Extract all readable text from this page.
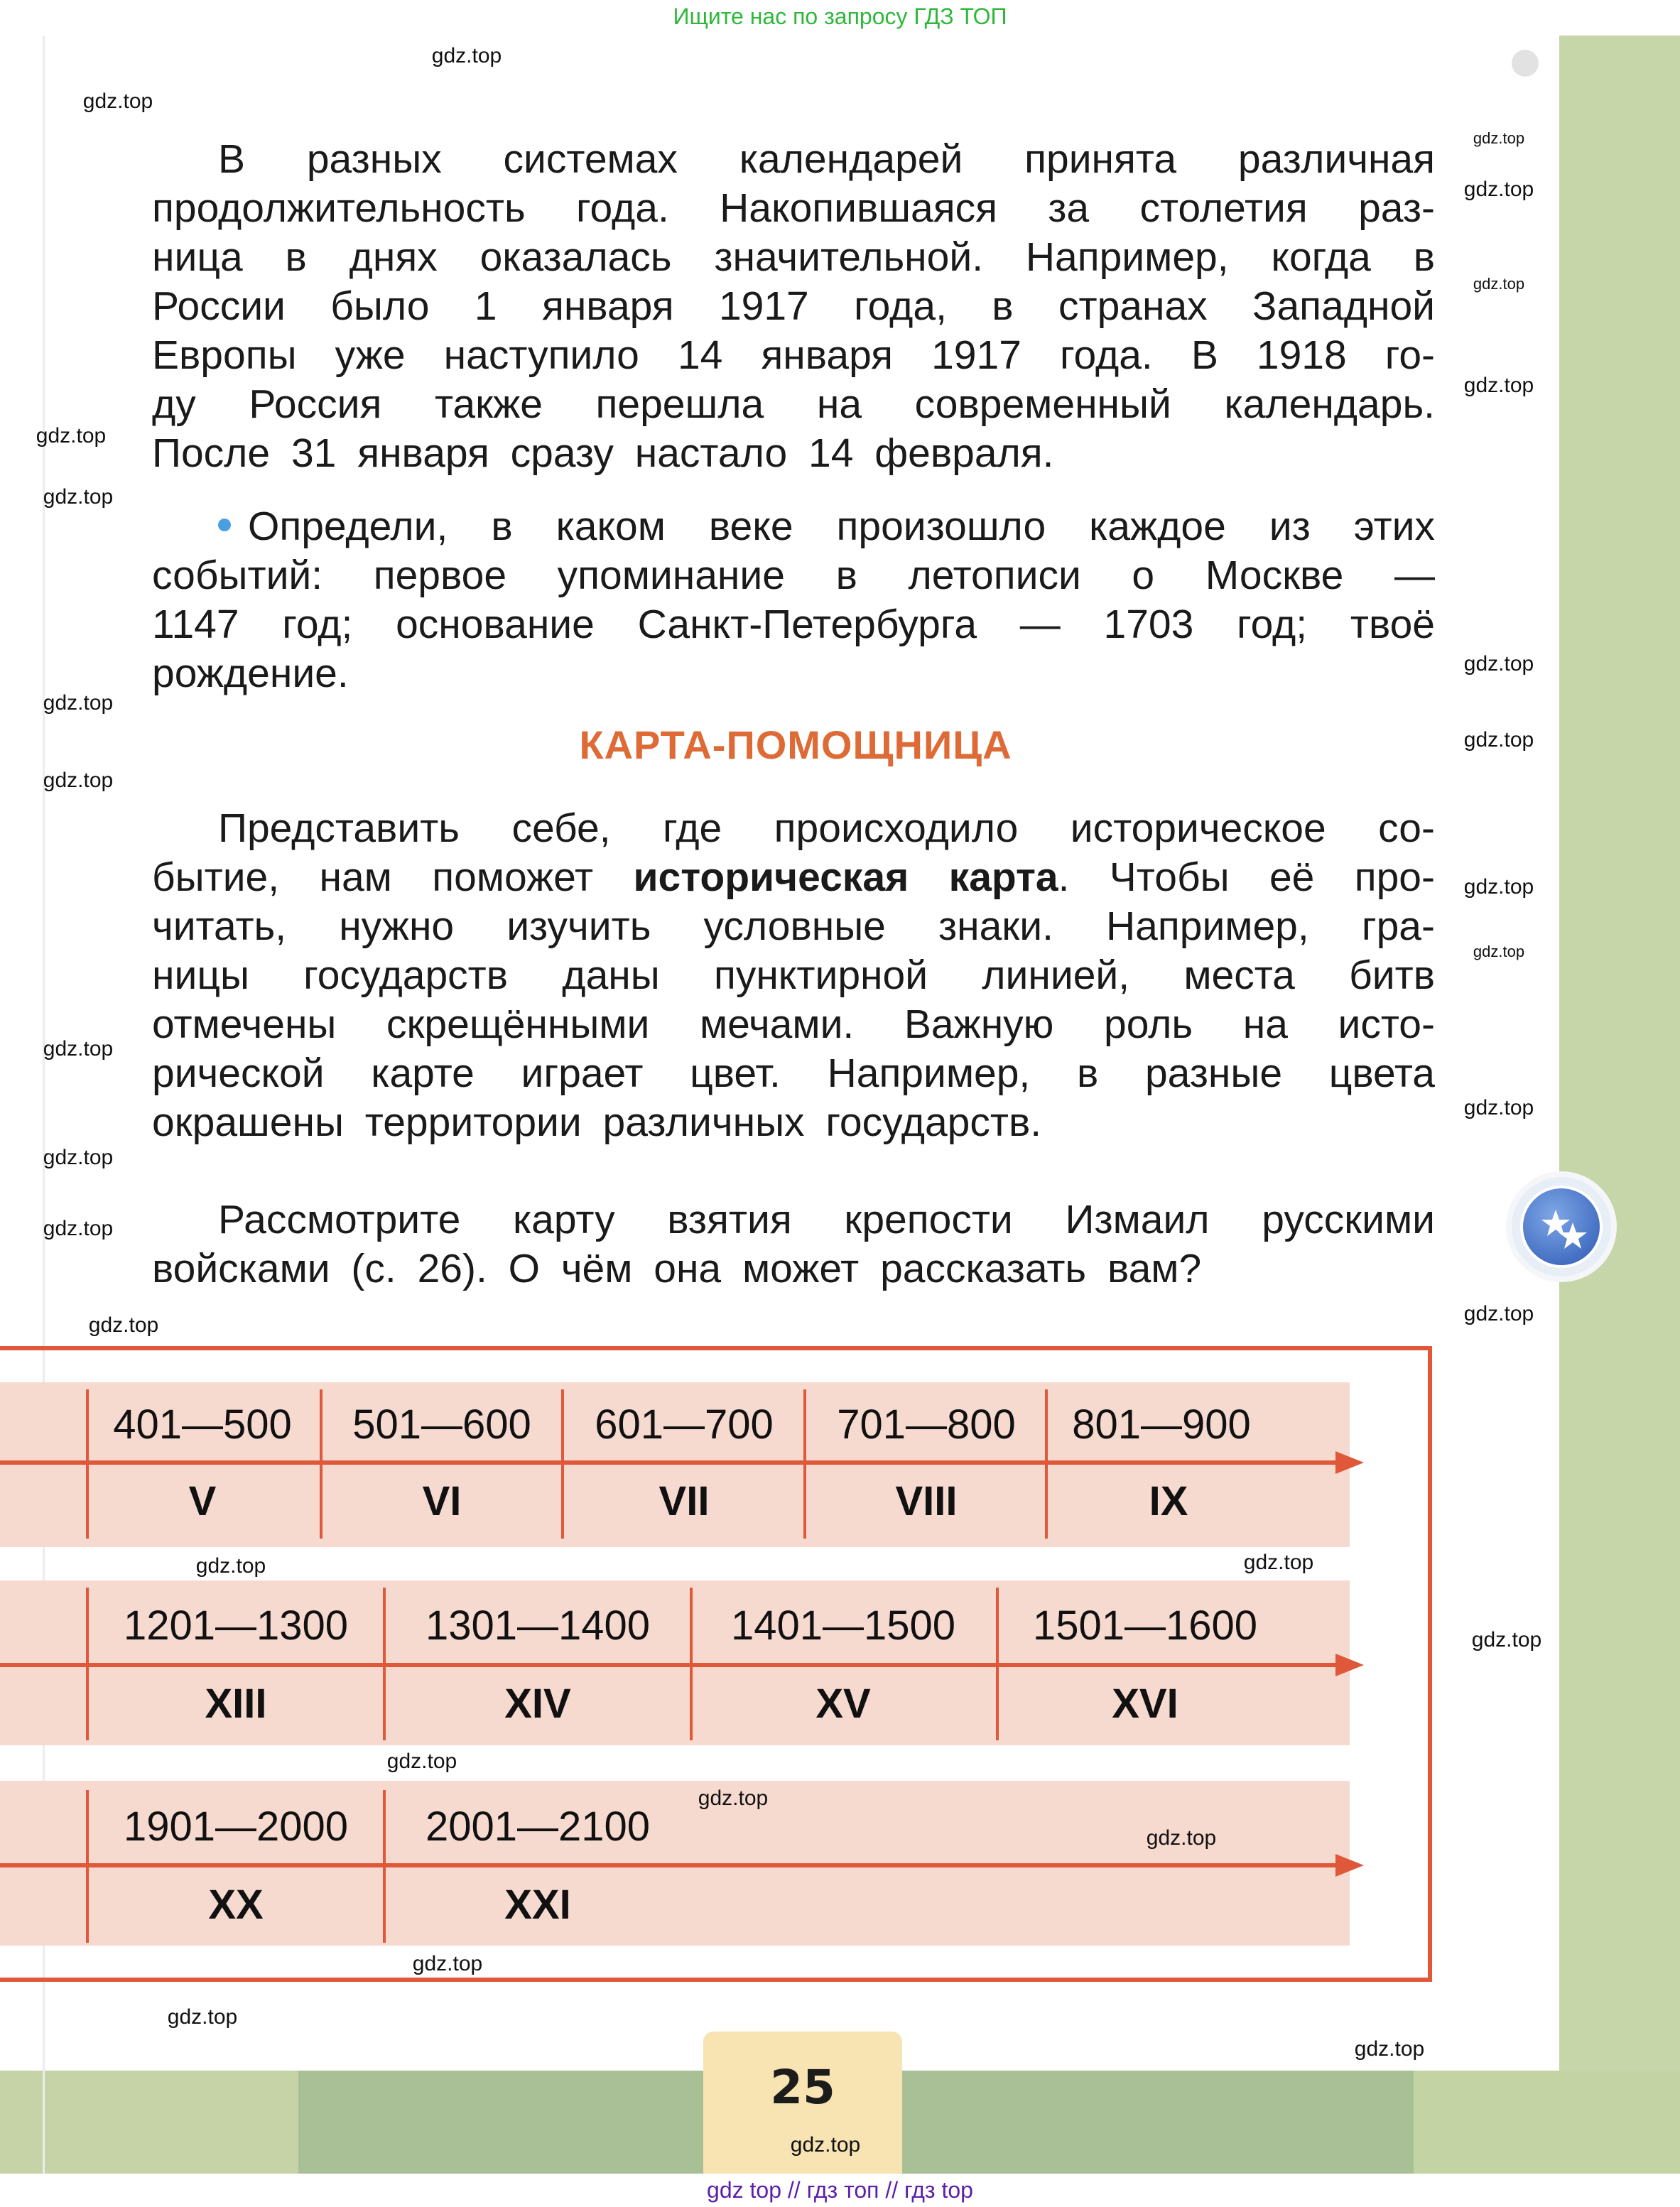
Ищите нас по запросу ГДЗ ТОП
В разных системах календарей принята различная
продолжительность года. Накопившаяся за столетия раз-
ница в днях оказалась значительной. Например, когда в
России было 1 января 1917 года, в странах Западной
Европы уже наступило 14 января 1917 года. В 1918 го-
ду Россия также перешла на современный календарь.
После 31 января сразу настало 14 февраля.
Определи, в каком веке произошло каждое из этих
событий: первое упоминание в летописи о Москве —
1147 год; основание Санкт-Петербурга — 1703 год; твоё
рождение.
КАРТА-ПОМОЩНИЦА
Представить себе, где происходило историческое со-
бытие, нам поможет историческая карта. Чтобы её про-
читать, нужно изучить условные знаки. Например, гра-
ницы государств даны пунктирной линией, места битв
отмечены скрещёнными мечами. Важную роль на исто-
рической карте играет цвет. Например, в разные цвета
окрашены территории различных государств.
Рассмотрите карту взятия крепости Измаил русскими
войсками (с. 26). О чём она может рассказать вам?
401—500
V
501—600
VI
601—700
VII
701—800
VIII
801—900
IX
1201—1300
XIII
1301—1400
XIV
1401—1500
XV
1501—1600
XVI
1901—2000
XX
2001—2100
XXI
25
gdz.top
gdz.top
gdz.top
gdz.top
gdz.top
gdz.top
gdz.top
gdz.top
gdz.top
gdz.top
gdz.top
gdz.top
gdz.top
gdz.top
gdz.top
gdz.top
gdz.top
gdz.top
gdz.top
gdz.top
gdz.top
gdz.top
gdz.top
gdz.top
gdz.top
gdz.top
gdz.top
gdz.top
gdz.top
gdz.top
gdz top // гдз топ // гдз top
